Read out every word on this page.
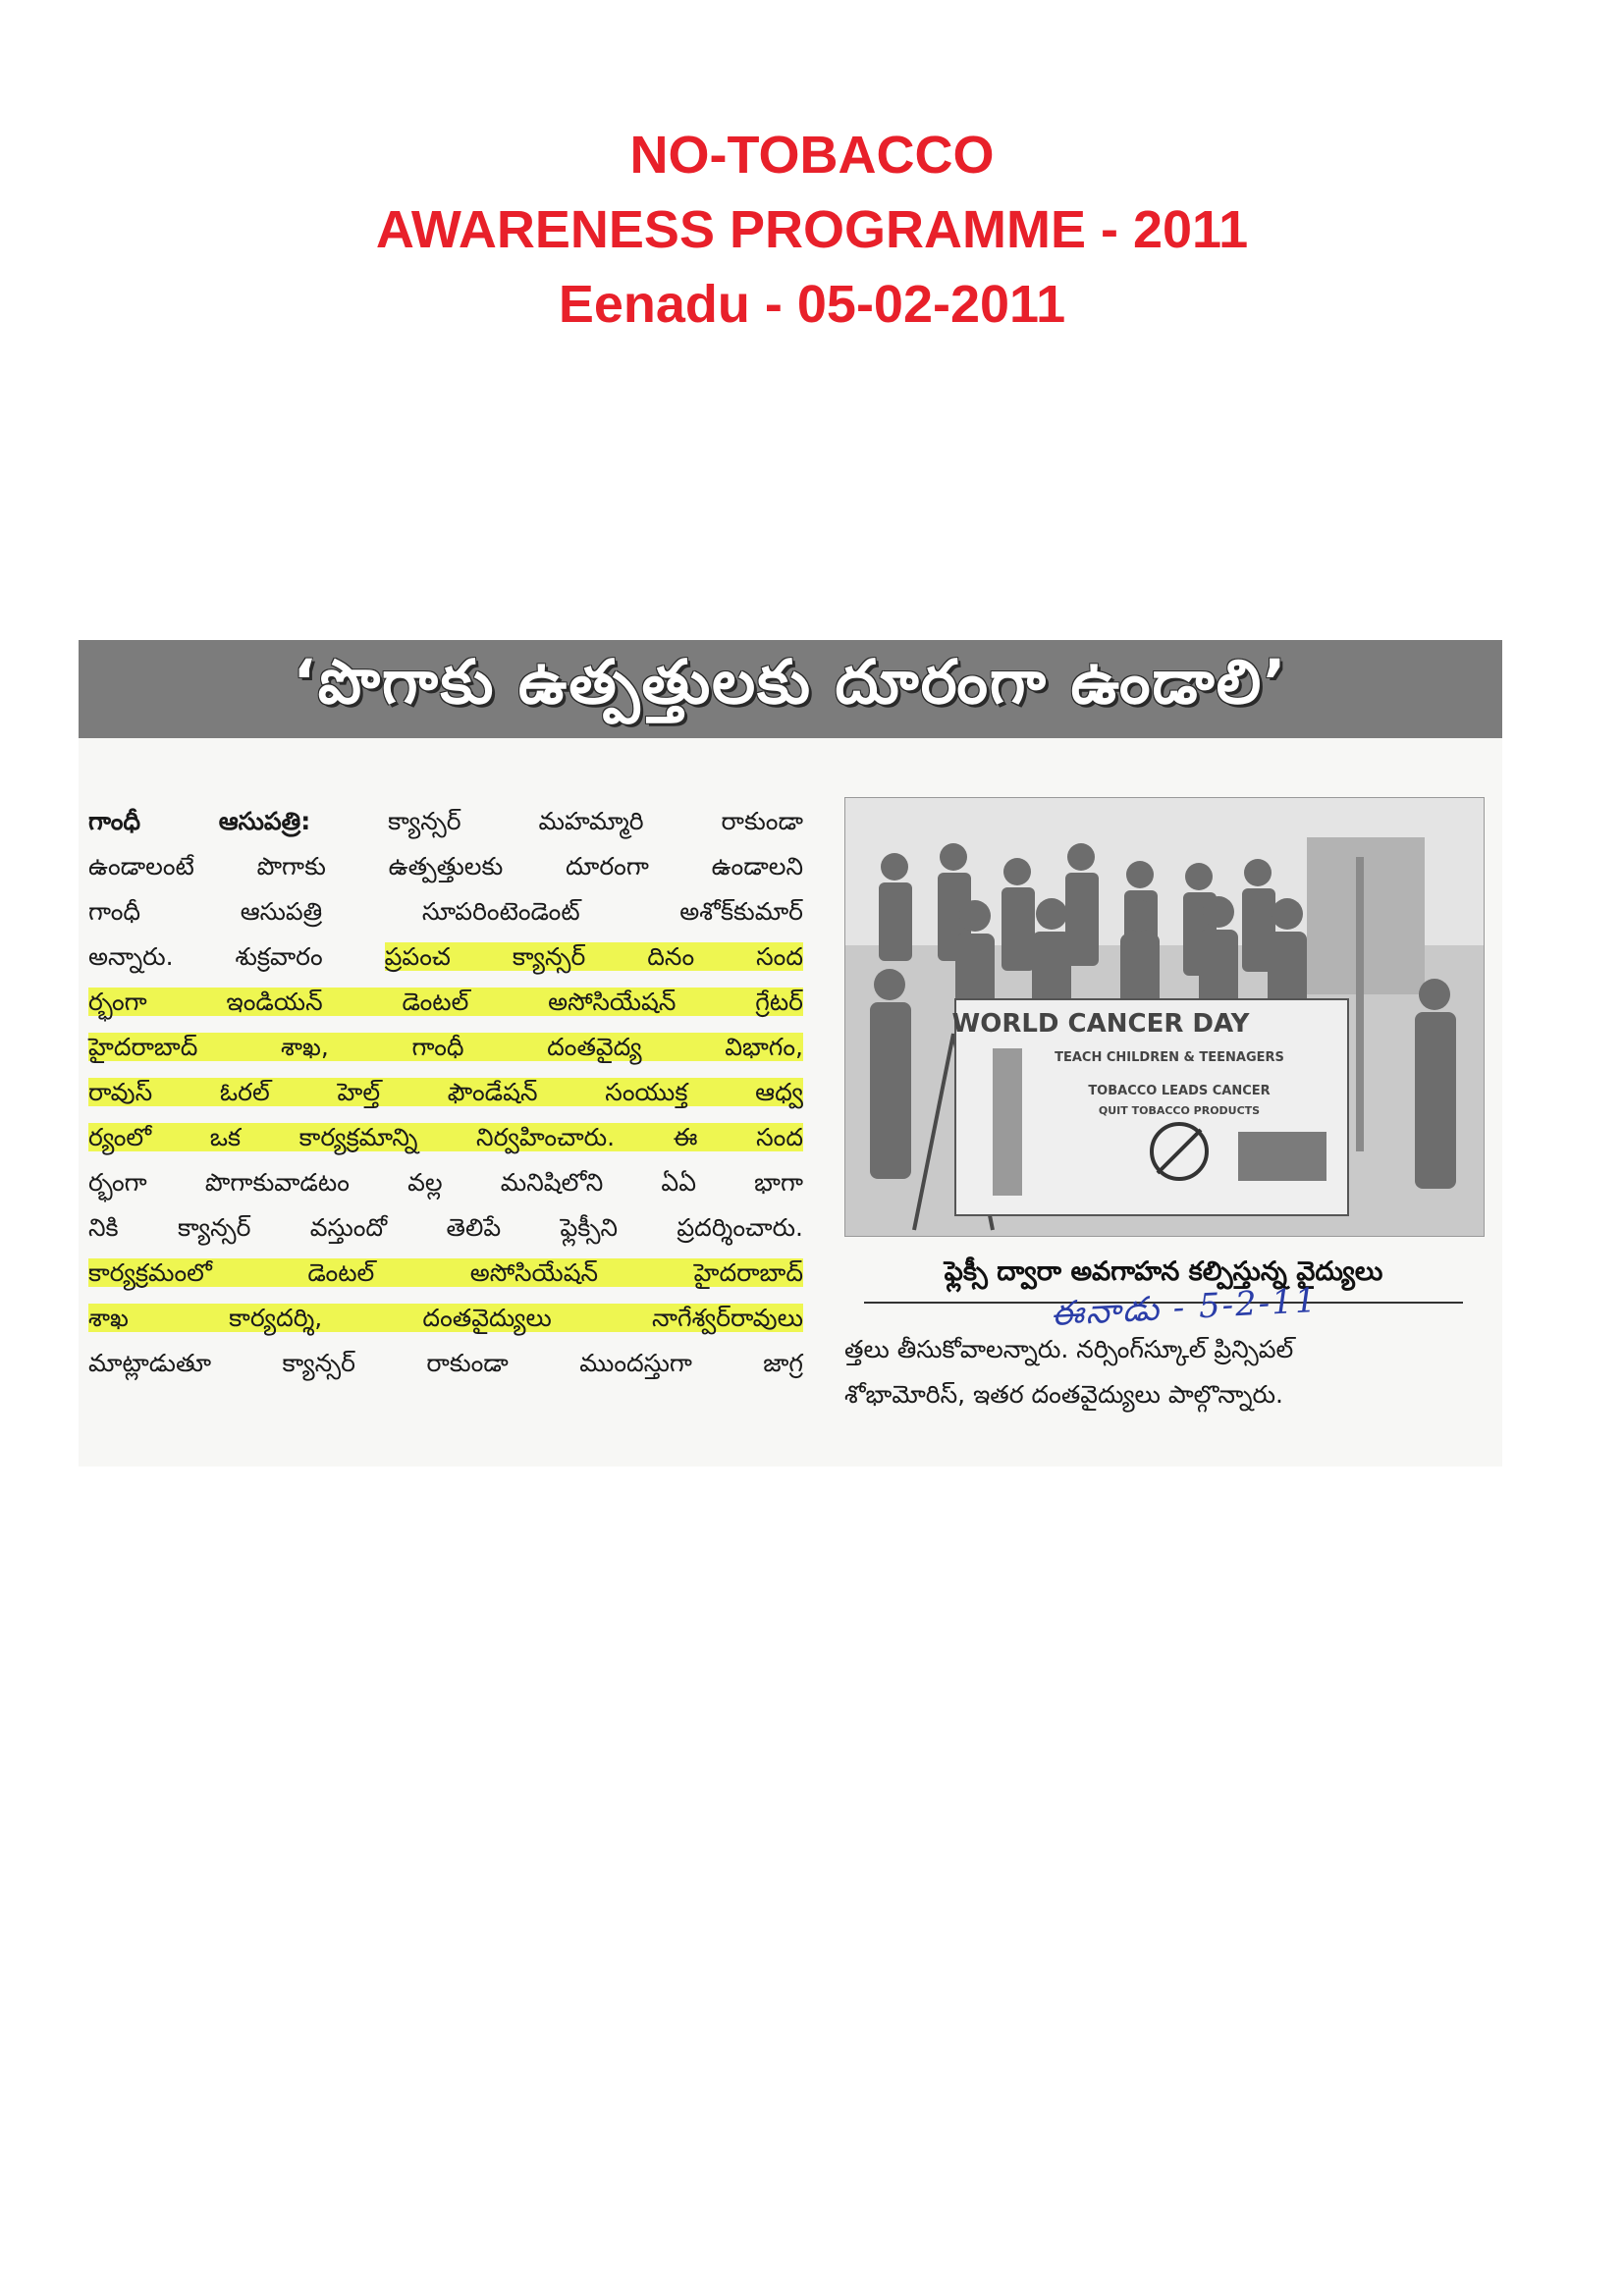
NO-TOBACCO
AWARENESS PROGRAMME - 2011
Eenadu - 05-02-2011
‘పొగాకు ఉత్పత్తులకు దూరంగా ఉండాలి’

గాంధీ ఆసుపత్రి: క్యాన్సర్ మహమ్మారి రాకుండా

ఉండాలంటే పొగాకు ఉత్పత్తులకు దూరంగా ఉండాలని

గాంధీ ఆసుపత్రి సూపరింటెండెంట్ అశోక్‌కుమార్

అన్నారు. శుక్రవారం ప్రపంచ క్యాన్సర్ దినం సంద

ర్భంగా ఇండియన్ డెంటల్ అసోసియేషన్ గ్రేటర్

హైదరాబాద్ శాఖ, గాంధీ దంతవైద్య విభాగం,

రావుస్ ఓరల్ హెల్త్ ఫౌండేషన్ సంయుక్త ఆధ్వ

ర్యంలో ఒక కార్యక్రమాన్ని నిర్వహించారు. ఈ సంద

ర్భంగా పొగాకువాడటం వల్ల మనిషిలోని ఏఏ భాగా

నికి క్యాన్సర్ వస్తుందో తెలిపే ఫ్లెక్సీని ప్రదర్శించారు.

కార్యక్రమంలో డెంటల్ అసోసియేషన్ హైదరాబాద్

శాఖ కార్యదర్శి, దంతవైద్యులు నాగేశ్వర్‌రావులు

మాట్లాడుతూ క్యాన్సర్ రాకుండా ముందస్తుగా జాగ్ర

WORLD CANCER DAY
TEACH CHILDREN & TEENAGERS
TOBACCO LEADS CANCER
QUIT TOBACCO PRODUCTS
ఫ్లెక్సీ ద్వారా అవగాహన కల్పిస్తున్న వైద్యులు
ఈనాడు - 5-2-11

త్తలు తీసుకోవాలన్నారు. నర్సింగ్‌స్కూల్ ప్రిన్సిపల్

శోభామోరిస్, ఇతర దంతవైద్యులు పాల్గొన్నారు.
